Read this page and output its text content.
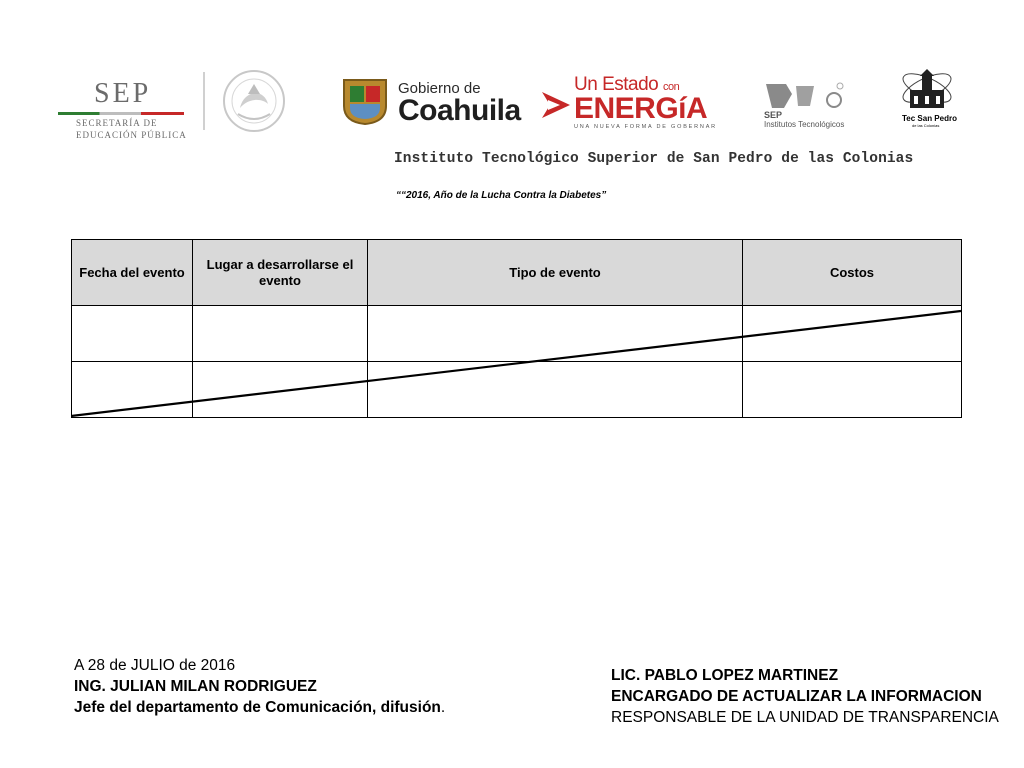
SEP
SECRETARÍA DE
EDUCACIÓN PÚBLICA
Gobierno de
Coahuila
Un Estado con
ENERGíA
UNA NUEVA FORMA DE GOBERNAR
SEP
Institutos Tecnológicos
Tec San Pedro
de las Colonias
Instituto Tecnológico Superior de San Pedro de las Colonias
““2016, Año de la Lucha Contra la Diabetes”
Fecha del evento	Lugar a desarrollarse el evento	Tipo de evento	Costos

A 28 de JULIO de 2016
ING. JULIAN MILAN RODRIGUEZ
Jefe del departamento de Comunicación, difusión.
LIC. PABLO LOPEZ MARTINEZ
ENCARGADO DE ACTUALIZAR LA INFORMACION
RESPONSABLE DE LA UNIDAD DE TRANSPARENCIA
